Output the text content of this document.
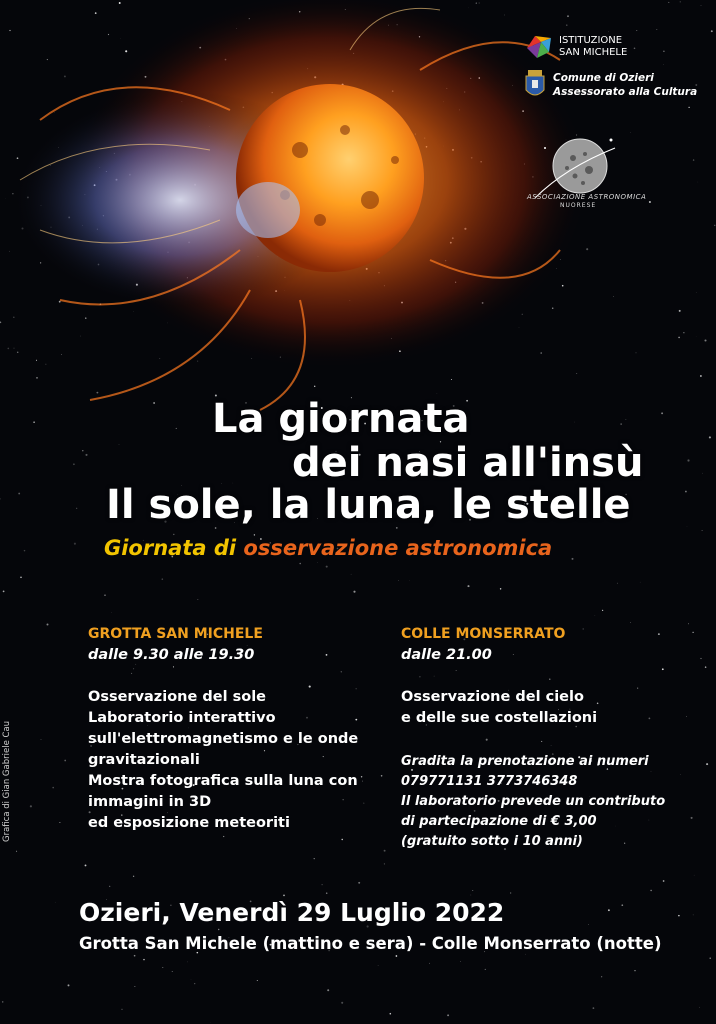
ISTITUZIONE
SAN MICHELE
Comune di Ozieri
Assessorato alla Cultura
ASSOCIAZIONE ASTRONOMICA
NUORESE
La giornata
dei nasi all'insù
Il sole, la luna, le stelle
Giornata di osservazione astronomica
GROTTA SAN MICHELE
dalle 9.30 alle 19.30
Osservazione del sole
Laboratorio interattivo
sull'elettromagnetismo e le onde
gravitazionali
Mostra fotografica sulla luna con
immagini in 3D
ed esposizione meteoriti
COLLE MONSERRATO
dalle 21.00
Osservazione del cielo
e delle sue costellazioni
Gradita la prenotazione ai numeri
079771131 3773746348
Il laboratorio prevede un contributo
di partecipazione di € 3,00
(gratuito sotto i 10 anni)
Grafica di Gian Gabriele Cau
Ozieri, Venerdì 29 Luglio 2022
Grotta San Michele (mattino e sera) - Colle Monserrato (notte)
